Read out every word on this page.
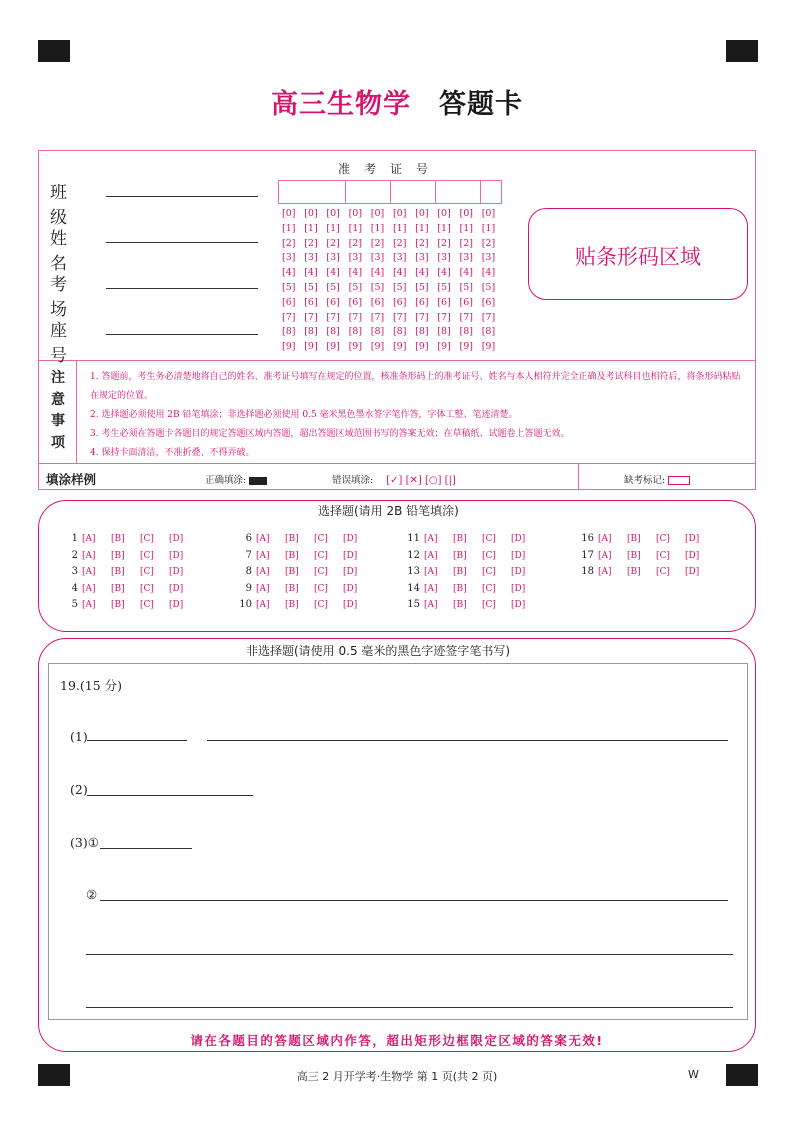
高三生物学 答题卡
班 级
姓 名
考 场
座 号
准考证号
[0] [0] [0] [0] [0] [0] [0] [0] [0] [0]
[1] [1] [1] [1] [1] [1] [1] [1] [1] [1]
[2] [2] [2] [2] [2] [2] [2] [2] [2] [2]
[3] [3] [3] [3] [3] [3] [3] [3] [3] [3]
[4] [4] [4] [4] [4] [4] [4] [4] [4] [4]
[5] [5] [5] [5] [5] [5] [5] [5] [5] [5]
[6] [6] [6] [6] [6] [6] [6] [6] [6] [6]
[7] [7] [7] [7] [7] [7] [7] [7] [7] [7]
[8] [8] [8] [8] [8] [8] [8] [8] [8] [8]
[9] [9] [9] [9] [9] [9] [9] [9] [9] [9]
贴条形码区域
注
意
事
项

1. 答题前，考生务必清楚地将自己的姓名、准考证号填写在规定的位置，核准条形码上的准考证号、姓名与本人相符并完全正确及考试科目也相符后，将条形码粘贴在规定的位置。

2. 选择题必须使用 2B 铅笔填涂；非选择题必须使用 0.5 毫米黑色墨水签字笔作答，字体工整、笔迹清楚。

3. 考生必须在答题卡各题目的规定答题区域内答题，超出答题区域范围书写的答案无效；在草稿纸、试题卷上答题无效。

4. 保持卡面清洁，不准折叠、不得弄破。

填涂样例	正确填涂:	错误填涂: [✓] [✕] [○] [|]	缺考标记:
选择题(请用 2B 铅笔填涂)
1 [A] [B] [C] [D]
2 [A] [B] [C] [D]
3 [A] [B] [C] [D]
4 [A] [B] [C] [D]
5 [A] [B] [C] [D]
6 [A] [B] [C] [D]
7 [A] [B] [C] [D]
8 [A] [B] [C] [D]
9 [A] [B] [C] [D]
10 [A] [B] [C] [D]
11 [A] [B] [C] [D]
12 [A] [B] [C] [D]
13 [A] [B] [C] [D]
14 [A] [B] [C] [D]
15 [A] [B] [C] [D]
16 [A] [B] [C] [D]
17 [A] [B] [C] [D]
18 [A] [B] [C] [D]
非选择题(请使用 0.5 毫米的黑色字迹签字笔书写)
19.(15 分)
(1)
(2)
(3)①
②
请在各题目的答题区域内作答，超出矩形边框限定区域的答案无效!
高三 2 月开学考·生物学 第 1 页(共 2 页)	W
